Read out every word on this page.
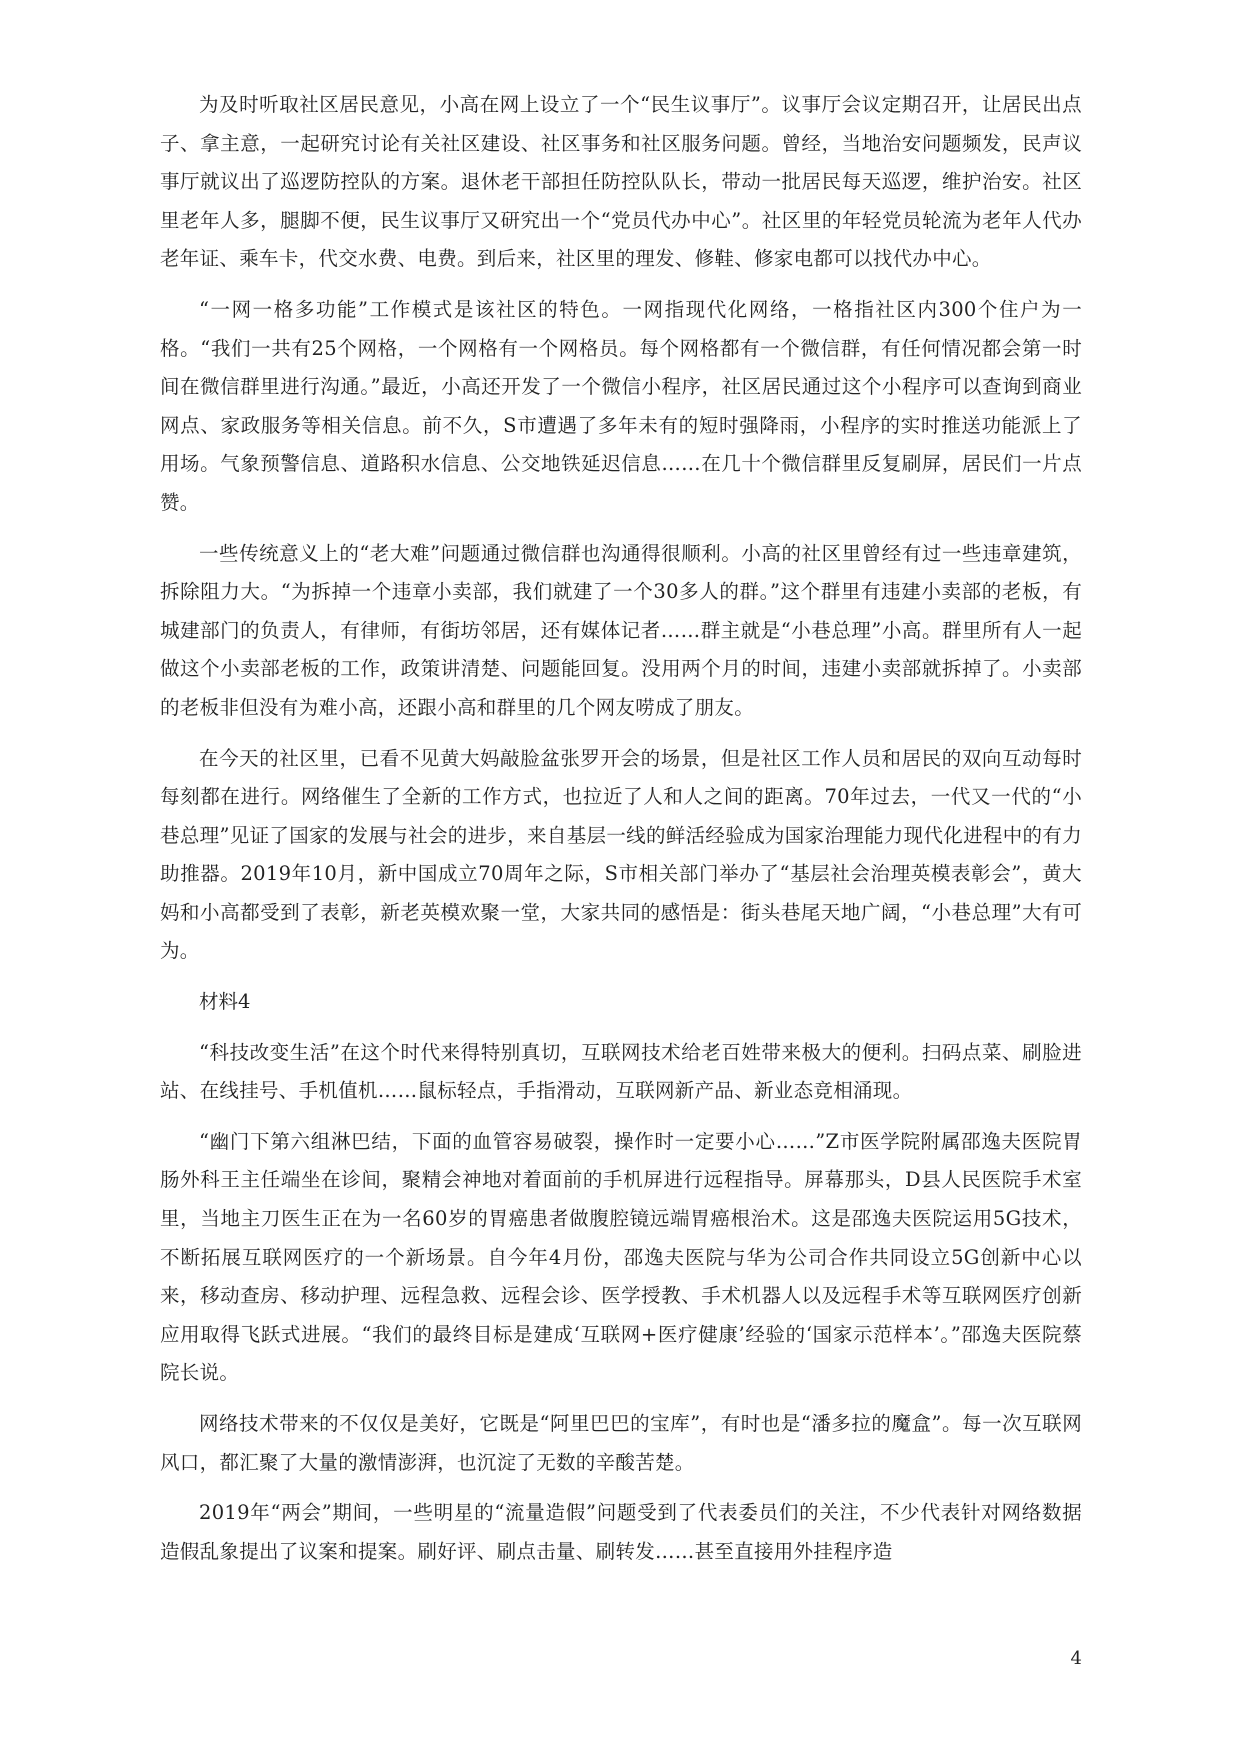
为及时听取社区居民意见，小高在网上设立了一个“民生议事厅”。议事厅会议定期召开，让居民出点子、拿主意，一起研究讨论有关社区建设、社区事务和社区服务问题。曾经，当地治安问题频发，民声议事厅就议出了巡逻防控队的方案。退休老干部担任防控队队长，带动一批居民每天巡逻，维护治安。社区里老年人多，腿脚不便，民生议事厅又研究出一个“党员代办中心”。社区里的年轻党员轮流为老年人代办老年证、乘车卡，代交水费、电费。到后来，社区里的理发、修鞋、修家电都可以找代办中心。

“一网一格多功能”工作模式是该社区的特色。一网指现代化网络，一格指社区内300个住户为一格。“我们一共有25个网格，一个网格有一个网格员。每个网格都有一个微信群，有任何情况都会第一时间在微信群里进行沟通。”最近，小高还开发了一个微信小程序，社区居民通过这个小程序可以查询到商业网点、家政服务等相关信息。前不久，S市遭遇了多年未有的短时强降雨，小程序的实时推送功能派上了用场。气象预警信息、道路积水信息、公交地铁延迟信息……在几十个微信群里反复刷屏，居民们一片点赞。

一些传统意义上的“老大难”问题通过微信群也沟通得很顺利。小高的社区里曾经有过一些违章建筑，拆除阻力大。“为拆掉一个违章小卖部，我们就建了一个30多人的群。”这个群里有违建小卖部的老板，有城建部门的负责人，有律师，有街坊邻居，还有媒体记者……群主就是“小巷总理”小高。群里所有人一起做这个小卖部老板的工作，政策讲清楚、问题能回复。没用两个月的时间，违建小卖部就拆掉了。小卖部的老板非但没有为难小高，还跟小高和群里的几个网友唠成了朋友。

在今天的社区里，已看不见黄大妈敲脸盆张罗开会的场景，但是社区工作人员和居民的双向互动每时每刻都在进行。网络催生了全新的工作方式，也拉近了人和人之间的距离。70年过去，一代又一代的“小巷总理”见证了国家的发展与社会的进步，来自基层一线的鲜活经验成为国家治理能力现代化进程中的有力助推器。2019年10月，新中国成立70周年之际，S市相关部门举办了“基层社会治理英模表彰会”，黄大妈和小高都受到了表彰，新老英模欢聚一堂，大家共同的感悟是：街头巷尾天地广阔，“小巷总理”大有可为。

材料4

“科技改变生活”在这个时代来得特别真切，互联网技术给老百姓带来极大的便利。扫码点菜、刷脸进站、在线挂号、手机值机……鼠标轻点，手指滑动，互联网新产品、新业态竞相涌现。

“幽门下第六组淋巴结，下面的血管容易破裂，操作时一定要小心……”Z市医学院附属邵逸夫医院胃肠外科王主任端坐在诊间，聚精会神地对着面前的手机屏进行远程指导。屏幕那头，D县人民医院手术室里，当地主刀医生正在为一名60岁的胃癌患者做腹腔镜远端胃癌根治术。这是邵逸夫医院运用5G技术，不断拓展互联网医疗的一个新场景。自今年4月份，邵逸夫医院与华为公司合作共同设立5G创新中心以来，移动查房、移动护理、远程急救、远程会诊、医学授教、手术机器人以及远程手术等互联网医疗创新应用取得飞跃式进展。“我们的最终目标是建成‘互联网+医疗健康’经验的‘国家示范样本’。”邵逸夫医院蔡院长说。

网络技术带来的不仅仅是美好，它既是“阿里巴巴的宝库”，有时也是“潘多拉的魔盒”。每一次互联网风口，都汇聚了大量的激情澎湃，也沉淀了无数的辛酸苦楚。

2019年“两会”期间，一些明星的“流量造假”问题受到了代表委员们的关注，不少代表针对网络数据造假乱象提出了议案和提案。刷好评、刷点击量、刷转发……甚至直接用外挂程序造

4
